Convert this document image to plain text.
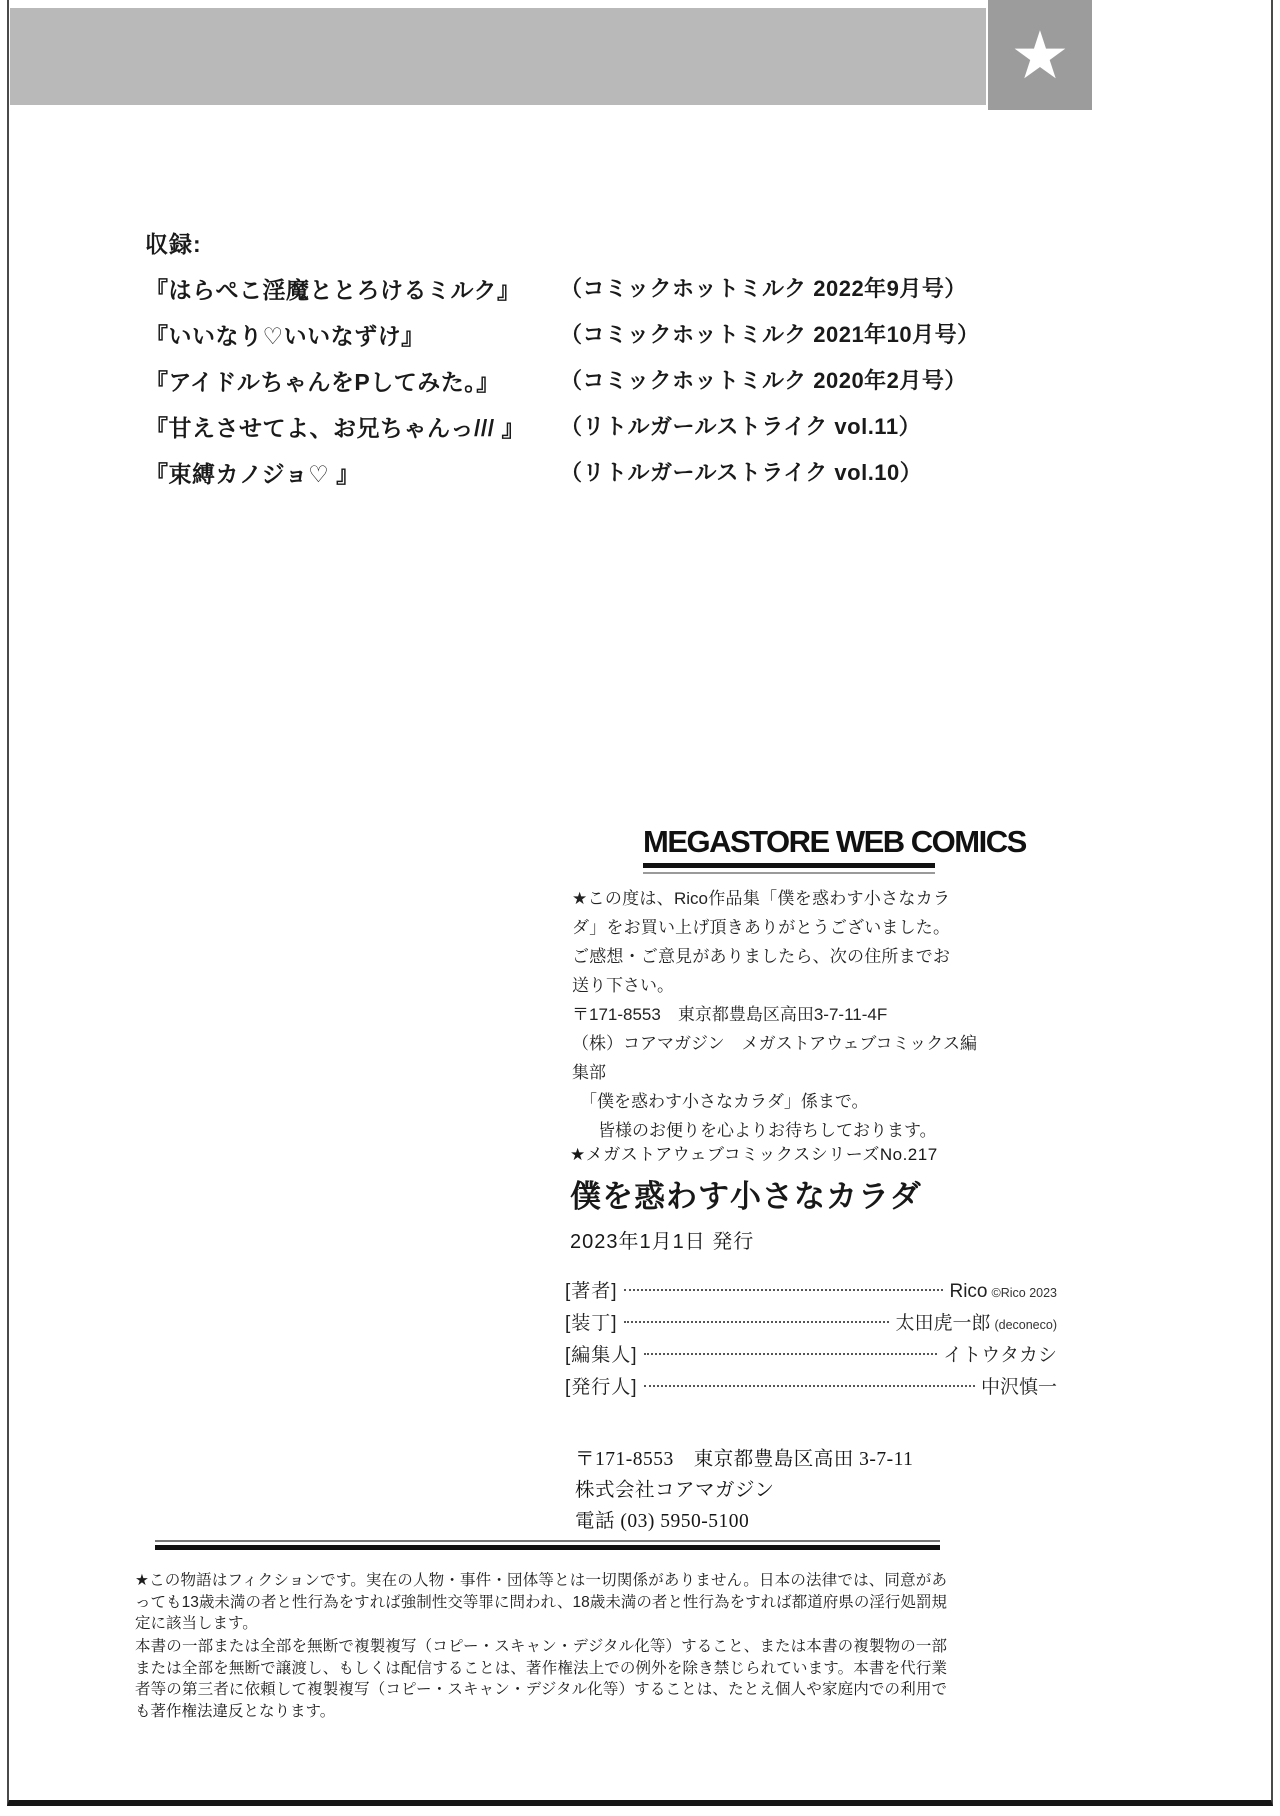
★
収録:
『はらぺこ淫魔ととろけるミルク』	（コミックホットミルク 2022年9月号）
『いいなり♡いいなずけ』	（コミックホットミルク 2021年10月号）
『アイドルちゃんをPしてみた。』	（コミックホットミルク 2020年2月号）
『甘えさせてよ、お兄ちゃんっ/// 』	（リトルガールストライク vol.11）
『束縛カノジョ♡ 』	（リトルガールストライク vol.10）
MEGASTORE WEB COMICS
★この度は、Rico作品集「僕を惑わす小さなカラダ」をお買い上げ頂きありがとうございました。ご感想・ご意見がありましたら、次の住所までお送り下さい。
〒171-8553　東京都豊島区高田3-7-11-4F
（株）コアマガジン　メガストアウェブコミックス編集部
「僕を惑わす小さなカラダ」係まで。
皆様のお便りを心よりお待ちしております。
★メガストアウェブコミックスシリーズNo.217
僕を惑わす小さなカラダ
2023年1月1日 発行
[著者]	Rico ©Rico 2023
[装丁]	太田虎一郎 (deconeco)
[編集人]	イトウタカシ
[発行人]	中沢慎一
〒171-8553　東京都豊島区高田 3-7-11
株式会社コアマガジン
電話 (03) 5950-5100
★この物語はフィクションです。実在の人物・事件・団体等とは一切関係がありません。日本の法律では、同意があっても13歳未満の者と性行為をすれば強制性交等罪に問われ、18歳未満の者と性行為をすれば都道府県の淫行処罰規定に該当します。
本書の一部または全部を無断で複製複写（コピー・スキャン・デジタル化等）すること、または本書の複製物の一部または全部を無断で譲渡し、もしくは配信することは、著作権法上での例外を除き禁じられています。本書を代行業者等の第三者に依頼して複製複写（コピー・スキャン・デジタル化等）することは、たとえ個人や家庭内での利用でも著作権法違反となります。
